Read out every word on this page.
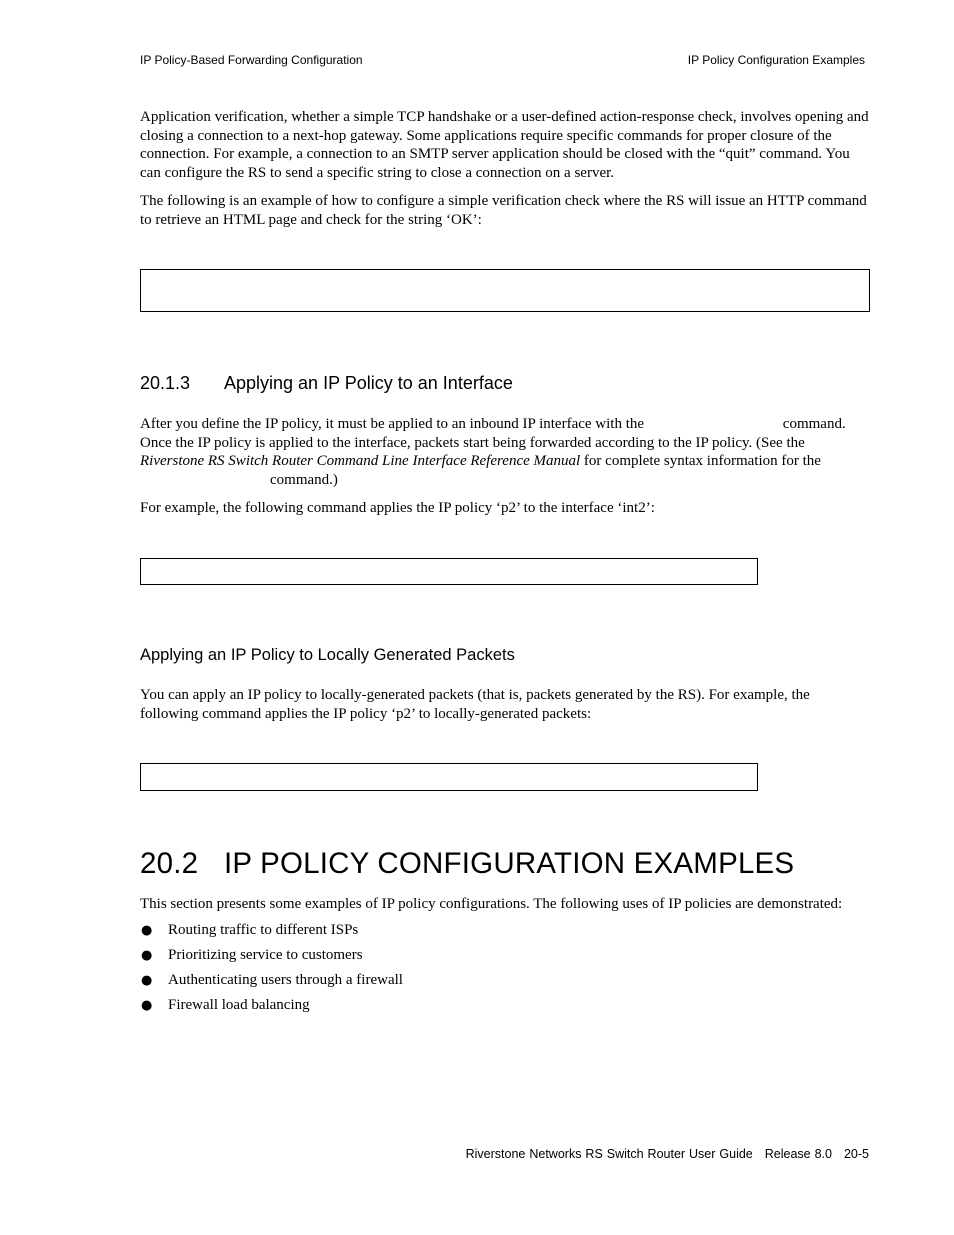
IP Policy-Based Forwarding Configuration	IP Policy Configuration Examples

Application verification, whether a simple TCP handshake or a user-defined action-response check, involves opening and closing a connection to a next-hop gateway. Some applications require specific commands for proper closure of the connection. For example, a connection to an SMTP server application should be closed with the “quit” command. You can configure the RS to send a specific string to close a connection on a server.

The following is an example of how to configure a simple verification check where the RS will issue an HTTP command to retrieve an HTML page and check for the string ‘OK’:

20.1.3 Applying an IP Policy to an Interface

After you define the IP policy, it must be applied to an inbound IP interface with the	command. Once the IP policy is applied to the interface, packets start being forwarded according to the IP policy. (See the Riverstone RS Switch Router Command Line Interface Reference Manual for complete syntax information for the
command.)

For example, the following command applies the IP policy ‘p2’ to the interface ‘int2’:

Applying an IP Policy to Locally Generated Packets

You can apply an IP policy to locally-generated packets (that is, packets generated by the RS). For example, the following command applies the IP policy ‘p2’ to locally-generated packets:

20.2 IP POLICY CONFIGURATION EXAMPLES

This section presents some examples of IP policy configurations. The following uses of IP policies are demonstrated:

● Routing traffic to different ISPs
● Prioritizing service to customers
● Authenticating users through a firewall
● Firewall load balancing
Riverstone Networks RS Switch Router User Guide Release 8.0 20-5
